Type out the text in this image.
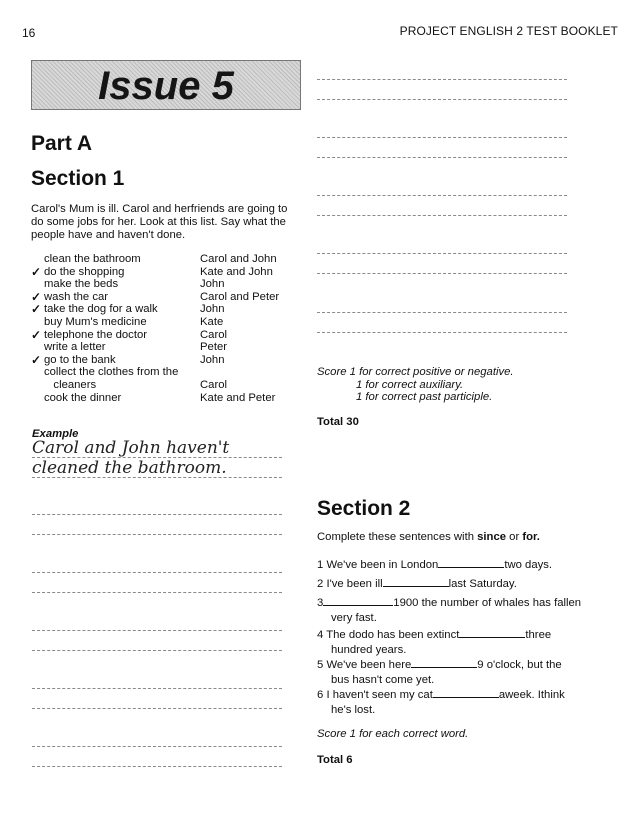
16	PROJECT ENGLISH 2 TEST BOOKLET
Issue 5
Part A
Section 1
Carol's Mum is ill. Carol and herfriends are going to do some jobs for her. Look at this list. Say what the people have and haven't done.
clean the bathroom	Carol and John
✓ do the shopping	Kate and John
make the beds	John
✓ wash the car	Carol and Peter
✓ take the dog for a walk	John
buy Mum's medicine	Kate
✓ telephone the doctor	Carol
write a letter	Peter
✓ go to the bank	John
collect the clothes from the
cleaners	Carol
cook the dinner	Kate and Peter
Example
Carol and John haven't
cleaned the bathroom.
Score 1 for correct positive or negative.
1 for correct auxiliary.
1 for correct past participle.
Total 30
Section 2
Complete these sentences with since or for.
1 We've been in London	two days.
2 I've been ill	last Saturday.
3	1900 the number of whales has fallen
very fast.
4 The dodo has been extinct	three
hundred years.
5 We've been here	9 o'clock, but the
bus hasn't come yet.
6 I haven't seen my cat	aweek. Ithink
he's lost.
Score 1 for each correct word.
Total 6
